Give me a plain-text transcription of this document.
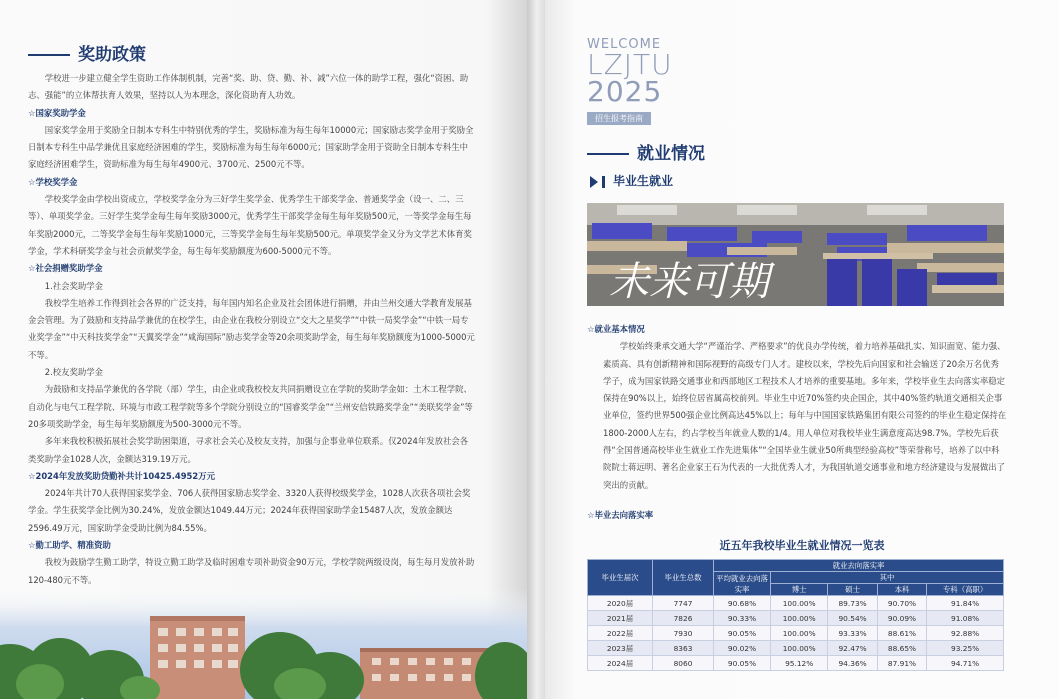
奖助政策

学校进一步建立健全学生资助工作体制机制，完善“奖、助、贷、勤、补、减”六位一体的助学工程，强化“资困、助志、强能”的立体帮扶育人效果，坚持以人为本理念，深化资助育人功效。

☆国家奖助学金

国家奖学金用于奖励全日制本专科生中特别优秀的学生，奖励标准为每生每年10000元；国家励志奖学金用于奖励全日制本专科生中品学兼优且家庭经济困难的学生，奖励标准为每生每年6000元；国家助学金用于资助全日制本专科生中家庭经济困难学生，资助标准为每生每年4900元、3700元、2500元不等。

☆学校奖学金

学校奖学金由学校出资成立，学校奖学金分为三好学生奖学金、优秀学生干部奖学金、普通奖学金（设一、二、三等）、单项奖学金。三好学生奖学金每生每年奖励3000元，优秀学生干部奖学金每生每年奖励500元，一等奖学金每生每年奖励2000元，二等奖学金每生每年奖励1000元，三等奖学金每生每年奖励500元。单项奖学金又分为文学艺术体育奖学金，学术科研奖学金与社会贡献奖学金，每生每年奖励额度为600-5000元不等。

☆社会捐赠奖助学金

1.社会奖助学金

我校学生培养工作得到社会各界的广泛支持，每年国内知名企业及社会团体进行捐赠，并由兰州交通大学教育发展基金会管理。为了鼓励和支持品学兼优的在校学生，由企业在我校分别设立“交大之星奖学”“中铁一局奖学金”“中铁一局专业奖学金”“中天科技奖学金”“天翼奖学金”“咸海国际”励志奖学金等20余项奖助学金，每生每年奖励额度为1000-5000元不等。

2.校友奖助学金

为鼓励和支持品学兼优的各学院（部）学生，由企业或我校校友共同捐赠设立在学院的奖助学金如：土木工程学院、自动化与电气工程学院、环境与市政工程学院等多个学院分别设立的“国睿奖学金”“兰州安信铁路奖学金”“美联奖学金”等20多项奖助学金，每生每年奖励额度为500-3000元不等。

多年来我校积极拓展社会奖学助困渠道，寻求社会关心及校友支持，加强与企事业单位联系。仅2024年发放社会各类奖助学金1028人次，金额达319.19万元。

☆2024年发放奖助贷勤补共计10425.4952万元

2024年共计70人获得国家奖学金、706人获得国家励志奖学金、3320人获得校级奖学金，1028人次获各项社会奖学金。学生获奖学金比例为30.24%，发放金额达1049.44万元；2024年获得国家助学金15487人次，发放金额达2596.49万元，国家助学金受助比例为84.55%。

☆勤工助学、精准资助

我校为鼓励学生勤工助学，特设立勤工助学及临时困难专项补助资金90万元，学校学院两级设岗，每生每月发放补助120-480元不等。

WELCOME
LZJTU
2025
招生报考指南
就业情况
毕业生就业
未来可期

☆就业基本情况

学校始终秉承交通大学“严谨治学、严格要求”的优良办学传统，着力培养基础扎实、知识面宽、能力强、素质高、具有创新精神和国际视野的高级专门人才。建校以来，学校先后向国家和社会输送了20余万名优秀学子，成为国家铁路交通事业和西部地区工程技术人才培养的重要基地。多年来，学校毕业生去向落实率稳定保持在90%以上，始终位居省属高校前列。毕业生中近70%签约央企国企，其中40%签约轨道交通相关企事业单位，签约世界500强企业比例高达45%以上；每年与中国国家铁路集团有限公司签约的毕业生稳定保持在1800-2000人左右，约占学校当年就业人数的1/4。用人单位对我校毕业生满意度高达98.7%。学校先后获得“全国普通高校毕业生就业工作先进集体”“全国毕业生就业50所典型经验高校”等荣誉称号，培养了以中科院院士蒋远明、著名企业家王石为代表的一大批优秀人才，为我国轨道交通事业和地方经济建设与发展做出了突出的贡献。

☆毕业去向落实率

近五年我校毕业生就业情况一览表
毕业生届次	毕业生总数	就业去向落实率				
		平均就业去向落实率	其中			
			博士	硕士	本科	专科（高职）
2020届	7747	90.68%	100.00%	89.73%	90.70%	91.84%
2021届	7826	90.33%	100.00%	90.54%	90.09%	91.08%
2022届	7930	90.05%	100.00%	93.33%	88.61%	92.88%
2023届	8363	90.02%	100.00%	92.47%	88.65%	93.25%
2024届	8060	90.05%	95.12%	94.36%	87.91%	94.71%
